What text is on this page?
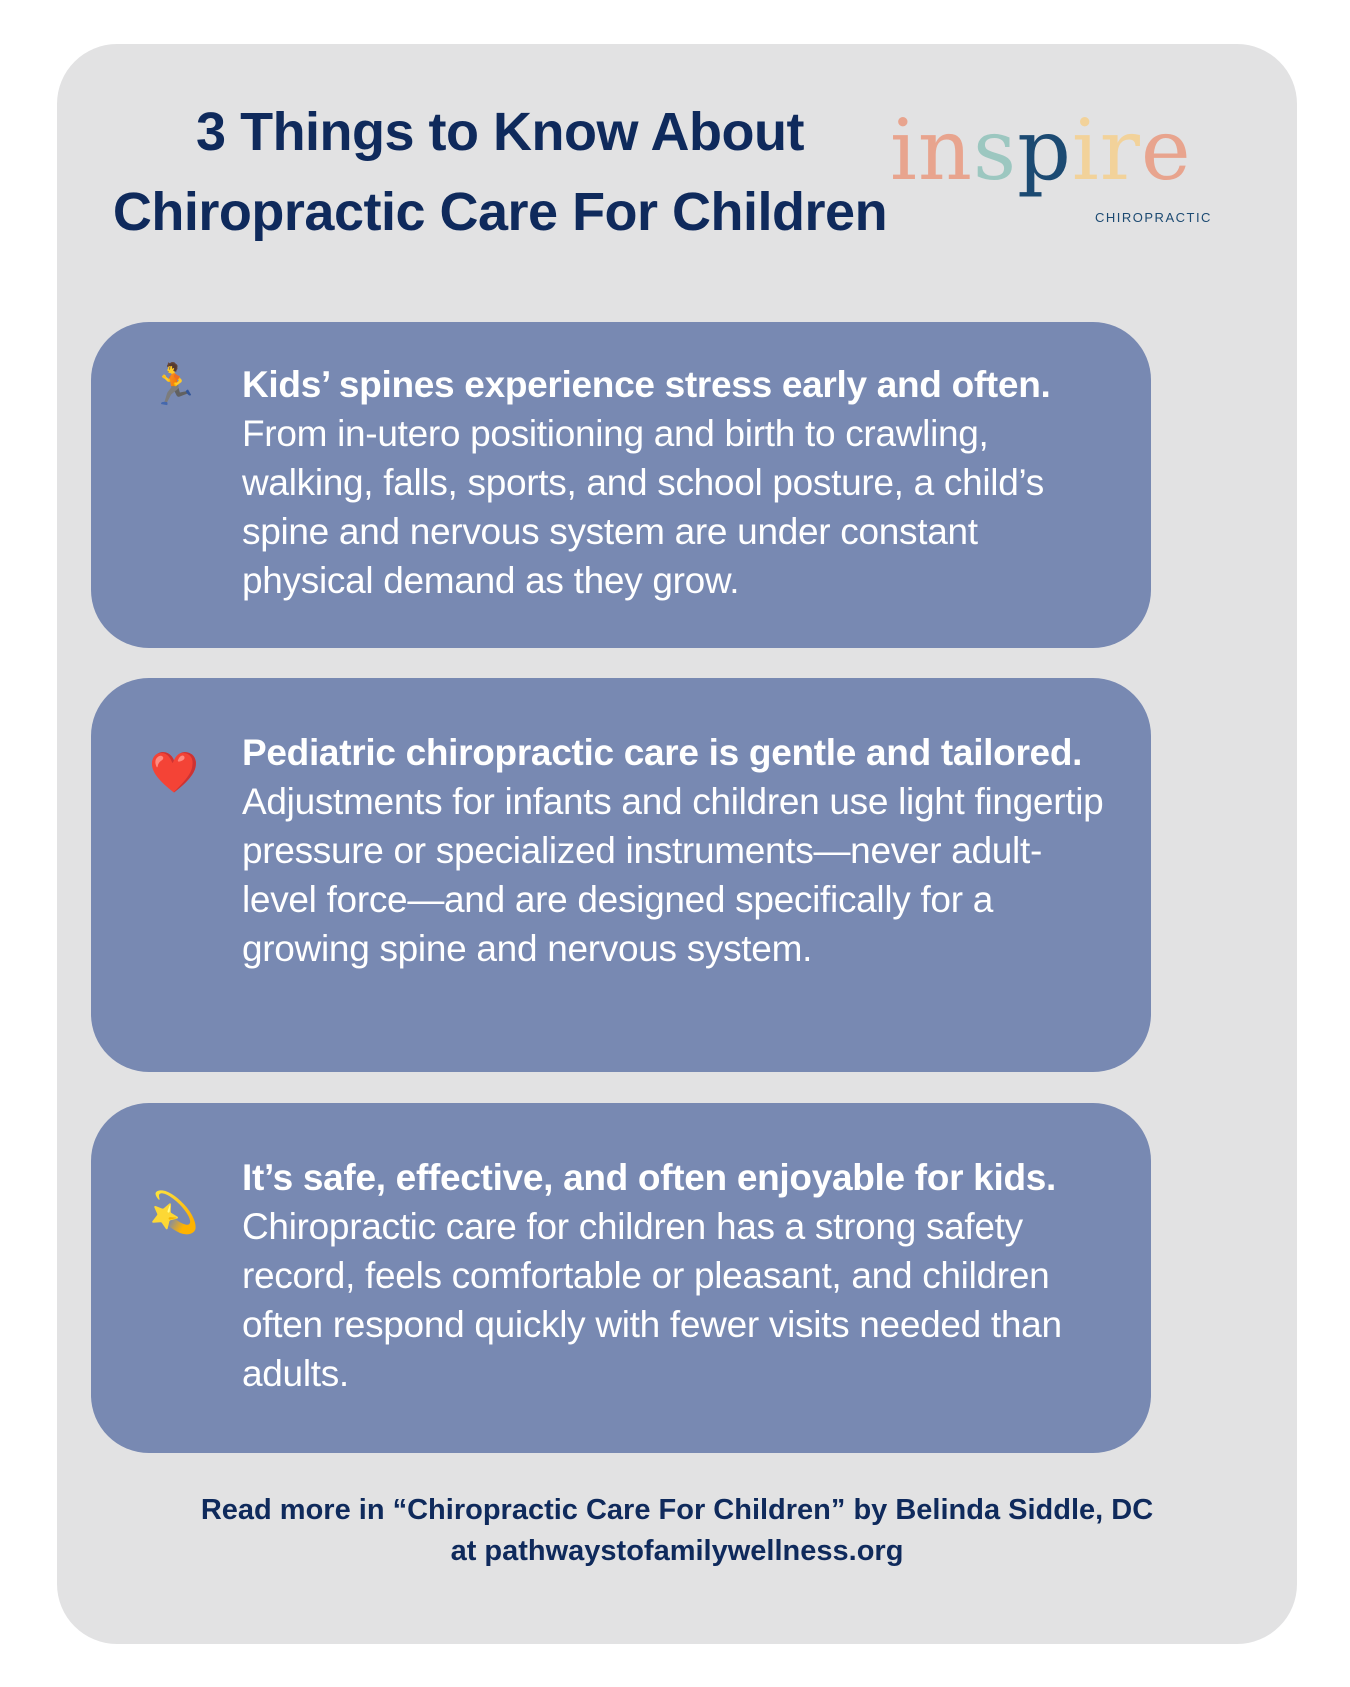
3 Things to Know About
Chiropractic Care For Children
inspire
CHIROPRACTIC
🏃 Kids’ spines experience stress early and often. From in-utero positioning and birth to crawling, walking, falls, sports, and school posture, a child’s spine and nervous system are under constant physical demand as they grow.
❤️ Pediatric chiropractic care is gentle and tailored. Adjustments for infants and children use light fingertip pressure or specialized instruments—never adult-level force—and are designed specifically for a growing spine and nervous system.
💫
It’s safe, effective, and often enjoyable for kids. Chiropractic care for children has a strong safety record, feels comfortable or pleasant, and children often respond quickly with fewer visits needed than adults.
Read more in “Chiropractic Care For Children” by Belinda Siddle, DC
at pathwaystofamilywellness.org
